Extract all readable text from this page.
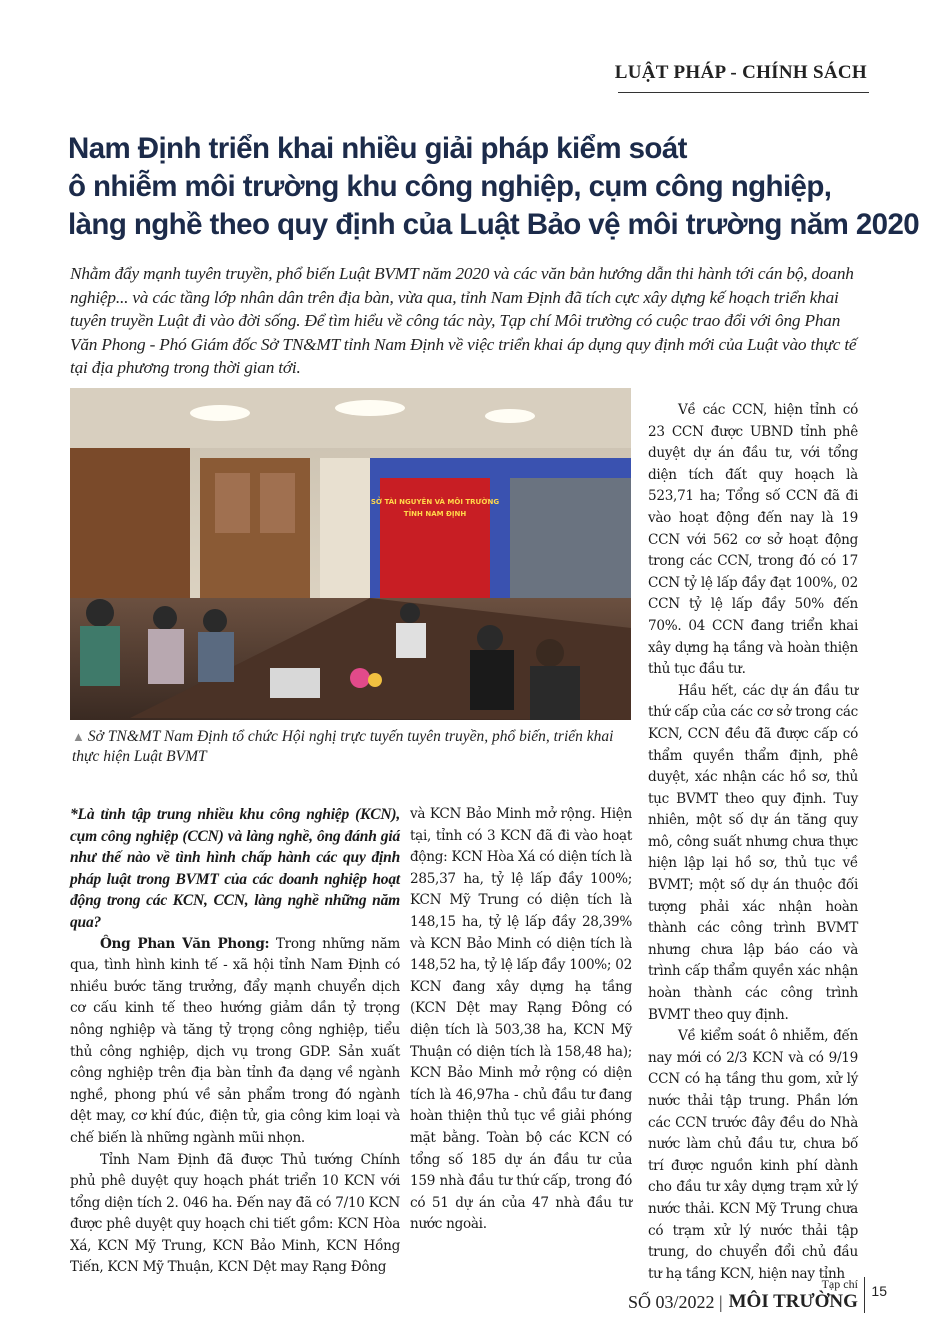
LUẬT PHÁP - CHÍNH SÁCH
Nam Định triển khai nhiều giải pháp kiểm soát
ô nhiễm môi trường khu công nghiệp, cụm công nghiệp,
làng nghề theo quy định của Luật Bảo vệ môi trường năm 2020
Nhằm đẩy mạnh tuyên truyền, phổ biến Luật BVMT năm 2020 và các văn bản hướng dẫn thi hành tới cán bộ, doanh nghiệp... và các tầng lớp nhân dân trên địa bàn, vừa qua, tỉnh Nam Định đã tích cực xây dựng kế hoạch triển khai tuyên truyền Luật đi vào đời sống. Để tìm hiểu về công tác này, Tạp chí Môi trường có cuộc trao đổi với ông Phan Văn Phong - Phó Giám đốc Sở TN&MT tỉnh Nam Định về việc triển khai áp dụng quy định mới của Luật vào thực tế tại địa phương trong thời gian tới.
SỞ TÀI NGUYÊN VÀ MÔI TRƯỜNG
TỈNH NAM ĐỊNH
▲ Sở TN&MT Nam Định tổ chức Hội nghị trực tuyến tuyên truyền, phổ biến, triển khai thực hiện Luật BVMT

*Là tỉnh tập trung nhiều khu công nghiệp (KCN), cụm công nghiệp (CCN) và làng nghề, ông đánh giá như thế nào về tình hình chấp hành các quy định pháp luật trong BVMT của các doanh nghiệp hoạt động trong các KCN, CCN, làng nghề những năm qua?

Ông Phan Văn Phong: Trong những năm qua, tình hình kinh tế - xã hội tỉnh Nam Định có nhiều bước tăng trưởng, đẩy mạnh chuyển dịch cơ cấu kinh tế theo hướng giảm dần tỷ trọng nông nghiệp và tăng tỷ trọng công nghiệp, tiểu thủ công nghiệp, dịch vụ trong GDP. Sản xuất công nghiệp trên địa bàn tỉnh đa dạng về ngành nghề, phong phú về sản phẩm trong đó ngành dệt may, cơ khí đúc, điện tử, gia công kim loại và chế biến là những ngành mũi nhọn.

Tỉnh Nam Định đã được Thủ tướng Chính phủ phê duyệt quy hoạch phát triển 10 KCN với tổng diện tích 2. 046 ha. Đến nay đã có 7/10 KCN được phê duyệt quy hoạch chi tiết gồm: KCN Hòa Xá, KCN Mỹ Trung, KCN Bảo Minh, KCN Hồng Tiến, KCN Mỹ Thuận, KCN Dệt may Rạng Đông

và KCN Bảo Minh mở rộng. Hiện tại, tỉnh có 3 KCN đã đi vào hoạt động: KCN Hòa Xá có diện tích là 285,37 ha, tỷ lệ lấp đầy 100%; KCN Mỹ Trung có diện tích là 148,15 ha, tỷ lệ lấp đầy 28,39% và KCN Bảo Minh có diện tích là 148,52 ha, tỷ lệ lấp đầy 100%; 02 KCN đang xây dựng hạ tầng (KCN Dệt may Rạng Đông có diện tích là 503,38 ha, KCN Mỹ Thuận có diện tích là 158,48 ha); KCN Bảo Minh mở rộng có diện tích là 46,97ha - chủ đầu tư đang hoàn thiện thủ tục về giải phóng mặt bằng. Toàn bộ các KCN có tổng số 185 dự án đầu tư của 159 nhà đầu tư thứ cấp, trong đó có 51 dự án của 47 nhà đầu tư nước ngoài.

Về các CCN, hiện tỉnh có 23 CCN được UBND tỉnh phê duyệt dự án đầu tư, với tổng diện tích đất quy hoạch là 523,71 ha; Tổng số CCN đã đi vào hoạt động đến nay là 19 CCN với 562 cơ sở hoạt động trong các CCN, trong đó có 17 CCN tỷ lệ lấp đầy đạt 100%, 02 CCN tỷ lệ lấp đầy 50% đến 70%. 04 CCN đang triển khai xây dựng hạ tầng và hoàn thiện thủ tục đầu tư.

Hầu hết, các dự án đầu tư thứ cấp của các cơ sở trong các KCN, CCN đều đã được cấp có thẩm quyền thẩm định, phê duyệt, xác nhận các hồ sơ, thủ tục BVMT theo quy định. Tuy nhiên, một số dự án tăng quy mô, công suất nhưng chưa thực hiện lập lại hồ sơ, thủ tục về BVMT; một số dự án thuộc đối tượng phải xác nhận hoàn thành các công trình BVMT nhưng chưa lập báo cáo và trình cấp thẩm quyền xác nhận hoàn thành các công trình BVMT theo quy định.

Về kiểm soát ô nhiễm, đến nay mới có 2/3 KCN và có 9/19 CCN có hạ tầng thu gom, xử lý nước thải tập trung. Phần lớn các CCN trước đây đều do Nhà nước làm chủ đầu tư, chưa bố trí được nguồn kinh phí dành cho đầu tư xây dựng trạm xử lý nước thải. KCN Mỹ Trung chưa có trạm xử lý nước thải tập trung, do chuyển đổi chủ đầu tư hạ tầng KCN, hiện nay tỉnh

SỐ 03/2022 |
Tạp chí
MÔI TRƯỜNG 15
